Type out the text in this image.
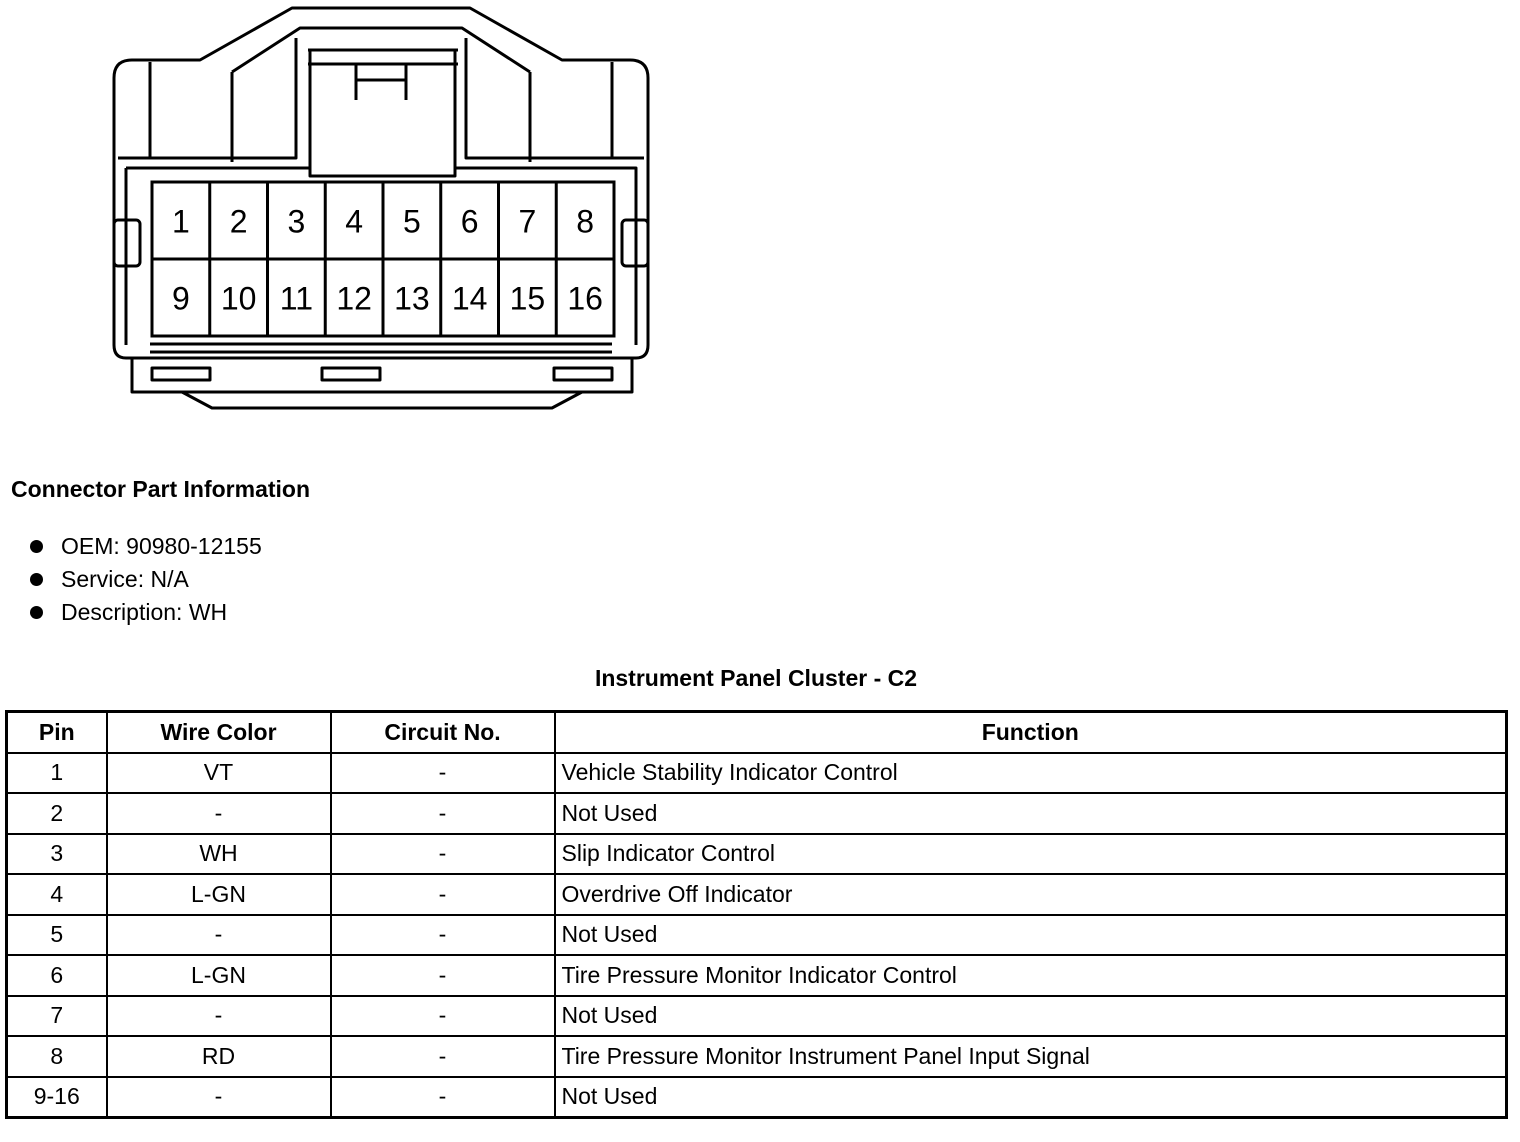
1 2 3 4 5 6 7 8
9 10 11 12 13 14 15 16
Connector Part Information
OEM: 90980-12155
Service: N/A
Description: WH
Instrument Panel Cluster - C2
Pin	Wire Color	Circuit No.	Function
1	VT	-	Vehicle Stability Indicator Control
2	-	-	Not Used
3	WH	-	Slip Indicator Control
4	L-GN	-	Overdrive Off Indicator
5	-	-	Not Used
6	L-GN	-	Tire Pressure Monitor Indicator Control
7	-	-	Not Used
8	RD	-	Tire Pressure Monitor Instrument Panel Input Signal
9-16	-	-	Not Used
